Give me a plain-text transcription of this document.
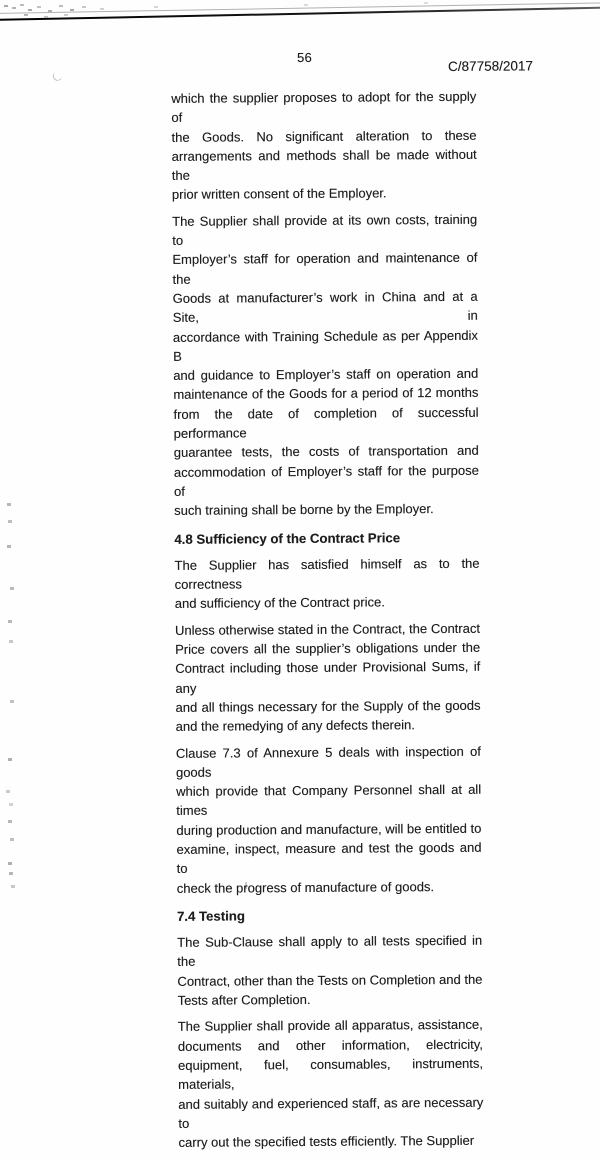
56
C/87758/2017

which the supplier proposes to adopt for the supply of
the Goods. No significant alteration to these
arrangements and methods shall be made without the
prior written consent of the Employer.

The Supplier shall provide at its own costs, training to
Employer’s staff for operation and maintenance of the
Goods at manufacturer’s work in China and at a Site, in
accordance with Training Schedule as per Appendix B
and guidance to Employer’s staff on operation and
maintenance of the Goods for a period of 12 months
from the date of completion of successful performance
guarantee tests, the costs of transportation and
accommodation of Employer’s staff for the purpose of
such training shall be borne by the Employer.

4.8 Sufficiency of the Contract Price

The Supplier has satisfied himself as to the correctness
and sufficiency of the Contract price.

Unless otherwise stated in the Contract, the Contract
Price covers all the supplier’s obligations under the
Contract including those under Provisional Sums, if any
and all things necessary for the Supply of the goods
and the remedying of any defects therein.

Clause 7.3 of Annexure 5 deals with inspection of goods
which provide that Company Personnel shall at all times
during production and manufacture, will be entitled to
examine, inspect, measure and test the goods and to
check the progress of manufacture of goods.

7.4 Testing

The Sub-Clause shall apply to all tests specified in the
Contract, other than the Tests on Completion and the
Tests after Completion.

The Supplier shall provide all apparatus, assistance,
documents and other information, electricity,
equipment, fuel, consumables, instruments, materials,
and suitably and experienced staff, as are necessary to
carry out the specified tests efficiently. The Supplier
